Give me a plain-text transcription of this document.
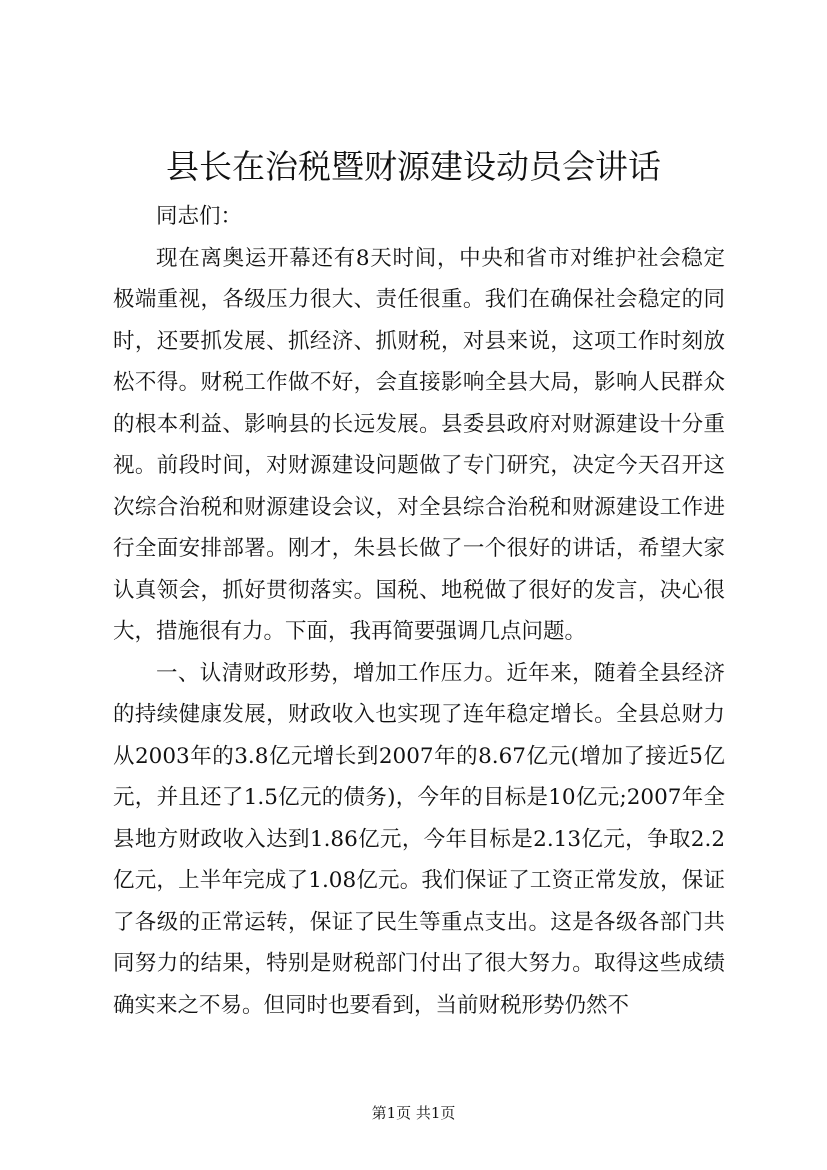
县长在治税暨财源建设动员会讲话

同志们：

现在离奥运开幕还有8天时间，中央和省市对维护社会稳定极端重视，各级压力很大、责任很重。我们在确保社会稳定的同时，还要抓发展、抓经济、抓财税，对县来说，这项工作时刻放松不得。财税工作做不好，会直接影响全县大局，影响人民群众的根本利益、影响县的长远发展。县委县政府对财源建设十分重视。前段时间，对财源建设问题做了专门研究，决定今天召开这次综合治税和财源建设会议，对全县综合治税和财源建设工作进行全面安排部署。刚才，朱县长做了一个很好的讲话，希望大家认真领会，抓好贯彻落实。国税、地税做了很好的发言，决心很大，措施很有力。下面，我再简要强调几点问题。

一、认清财政形势，增加工作压力。近年来，随着全县经济的持续健康发展，财政收入也实现了连年稳定增长。全县总财力从2003年的3.8亿元增长到2007年的8.67亿元(增加了接近5亿元，并且还了1.5亿元的债务)，今年的目标是10亿元;2007年全县地方财政收入达到1.86亿元，今年目标是2.13亿元，争取2.2亿元，上半年完成了1.08亿元。我们保证了工资正常发放，保证了各级的正常运转，保证了民生等重点支出。这是各级各部门共同努力的结果，特别是财税部门付出了很大努力。取得这些成绩确实来之不易。但同时也要看到，当前财税形势仍然不

第1页 共1页
